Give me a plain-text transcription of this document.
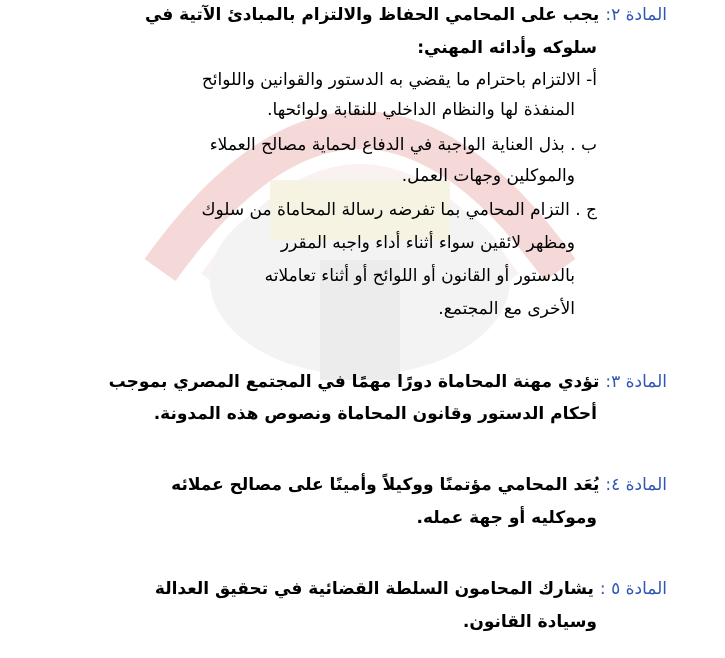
المادة ٢:يجب على المحامي الحفاظ والالتزام بالمبادئ الآتية في
سلوكه وأدائه المهني:
أ- الالتزام باحترام ما يقضي به الدستور والقوانين واللوائح
المنفذة لها والنظام الداخلي للنقابة ولوائحها.
ب . بذل العناية الواجبة في الدفاع لحماية مصالح العملاء
والموكلين وجهات العمل.
ج . التزام المحامي بما تفرضه رسالة المحاماة من سلوك
ومظهر لائقين سواء أثناء أداء واجبه المقرر
بالدستور أو القانون أو اللوائح أو أثناء تعاملاته
الأخرى مع المجتمع.
المادة ٣:تؤدي مهنة المحاماة دورًا مهمًا في المجتمع المصري بموجب
أحكام الدستور وقانون المحاماة ونصوص هذه المدونة.
المادة ٤:يُعَد المحامي مؤتمنًا ووكيلاً وأمينًا على مصالح عملائه
وموكليه أو جهة عمله.
المادة ٥ :يشارك المحامون السلطة القضائية في تحقيق العدالة
وسيادة القانون.
